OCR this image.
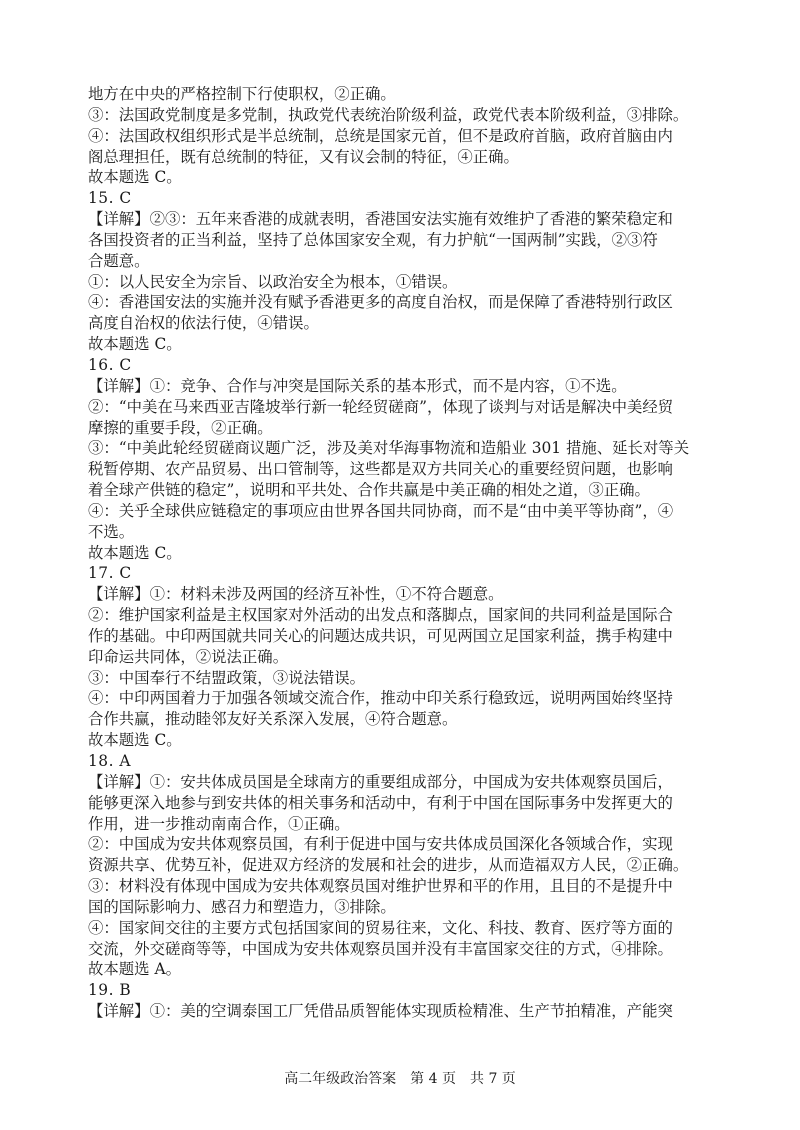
地方在中央的严格控制下行使职权，②正确。
③：法国政党制度是多党制，执政党代表统治阶级利益，政党代表本阶级利益，③排除。
④：法国政权组织形式是半总统制，总统是国家元首，但不是政府首脑，政府首脑由内
阁总理担任，既有总统制的特征，又有议会制的特征，④正确。
故本题选 C。
15. C
【详解】②③：五年来香港的成就表明，香港国安法实施有效维护了香港的繁荣稳定和
各国投资者的正当利益，坚持了总体国家安全观，有力护航“一国两制”实践，②③符
合题意。
①：以人民安全为宗旨、以政治安全为根本，①错误。
④：香港国安法的实施并没有赋予香港更多的高度自治权，而是保障了香港特别行政区
高度自治权的依法行使，④错误。
故本题选 C。
16. C
【详解】①：竞争、合作与冲突是国际关系的基本形式，而不是内容，①不选。
②：“中美在马来西亚吉隆坡举行新一轮经贸磋商”，体现了谈判与对话是解决中美经贸
摩擦的重要手段，②正确。
③：“中美此轮经贸磋商议题广泛，涉及美对华海事物流和造船业 301 措施、延长对等关
税暂停期、农产品贸易、出口管制等，这些都是双方共同关心的重要经贸问题，也影响
着全球产供链的稳定”，说明和平共处、合作共赢是中美正确的相处之道，③正确。
④：关乎全球供应链稳定的事项应由世界各国共同协商，而不是“由中美平等协商”，④
不选。
故本题选 C。
17. C
【详解】①：材料未涉及两国的经济互补性，①不符合题意。
②：维护国家利益是主权国家对外活动的出发点和落脚点，国家间的共同利益是国际合
作的基础。中印两国就共同关心的问题达成共识，可见两国立足国家利益，携手构建中
印命运共同体，②说法正确。
③：中国奉行不结盟政策，③说法错误。
④：中印两国着力于加强各领域交流合作，推动中印关系行稳致远，说明两国始终坚持
合作共赢，推动睦邻友好关系深入发展，④符合题意。
故本题选 C。
18. A
【详解】①：安共体成员国是全球南方的重要组成部分，中国成为安共体观察员国后，
能够更深入地参与到安共体的相关事务和活动中，有利于中国在国际事务中发挥更大的
作用，进一步推动南南合作，①正确。
②：中国成为安共体观察员国，有利于促进中国与安共体成员国深化各领域合作，实现
资源共享、优势互补，促进双方经济的发展和社会的进步，从而造福双方人民，②正确。
③：材料没有体现中国成为安共体观察员国对维护世界和平的作用，且目的不是提升中
国的国际影响力、感召力和塑造力，③排除。
④：国家间交往的主要方式包括国家间的贸易往来，文化、科技、教育、医疗等方面的
交流，外交磋商等等，中国成为安共体观察员国并没有丰富国家交往的方式，④排除。
故本题选 A。
19. B
【详解】①：美的空调泰国工厂凭借品质智能体实现质检精准、生产节拍精准，产能突
高二年级政治答案　第 4 页　共 7 页
